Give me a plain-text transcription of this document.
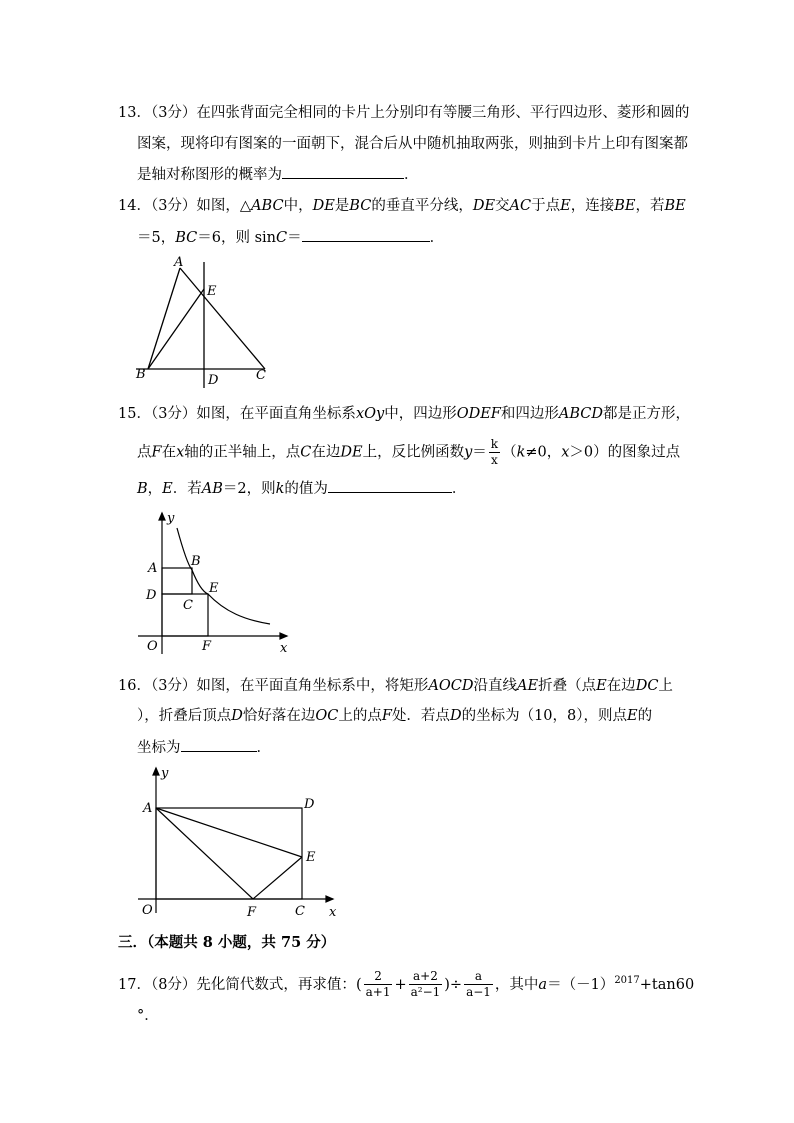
13．（3分）在四张背面完全相同的卡片上分别印有等腰三角形、平行四边形、菱形和圆的
图案，现将印有图案的一面朝下，混合后从中随机抽取两张，则抽到卡片上印有图案都
是轴对称图形的概率为	．
14．（3分）如图，△ABC中，DE是BC的垂直平分线，DE交AC于点E，连接BE，若BE
＝5，BC＝6，则 sinC＝	．
A
E
B	D	C
15．（3分）如图，在平面直角坐标系xOy中，四边形ODEF和四边形ABCD都是正方形，
点F在x轴的正半轴上，点C在边DE上，反比例函数$y= \frac{k}{x} (k\ne 0$，x＞0）的图象过点
B，E．若AB＝2，则k的值为	．
y
A	B
D	E
C
O	F	x
16．（3分）如图，在平面直角坐标系中，将矩形AOCD沿直线AE折叠（点E在边DC上
），折叠后顶点D恰好落在边OC上的点F处．若点D的坐标为（10，8），则点E的
坐标为	．
y
A	D
E
O	F	C x
三．（本题共 8 小题，共 75 分）
17．（8分）先化简代数式，再求值：( $\frac{2}{a+1} + \frac{a+2}{\text{a²−1}}$ )÷ $\frac{a}{a-1}$ ，其中$a=(-1)^{2017}+\tan 60$
°．
